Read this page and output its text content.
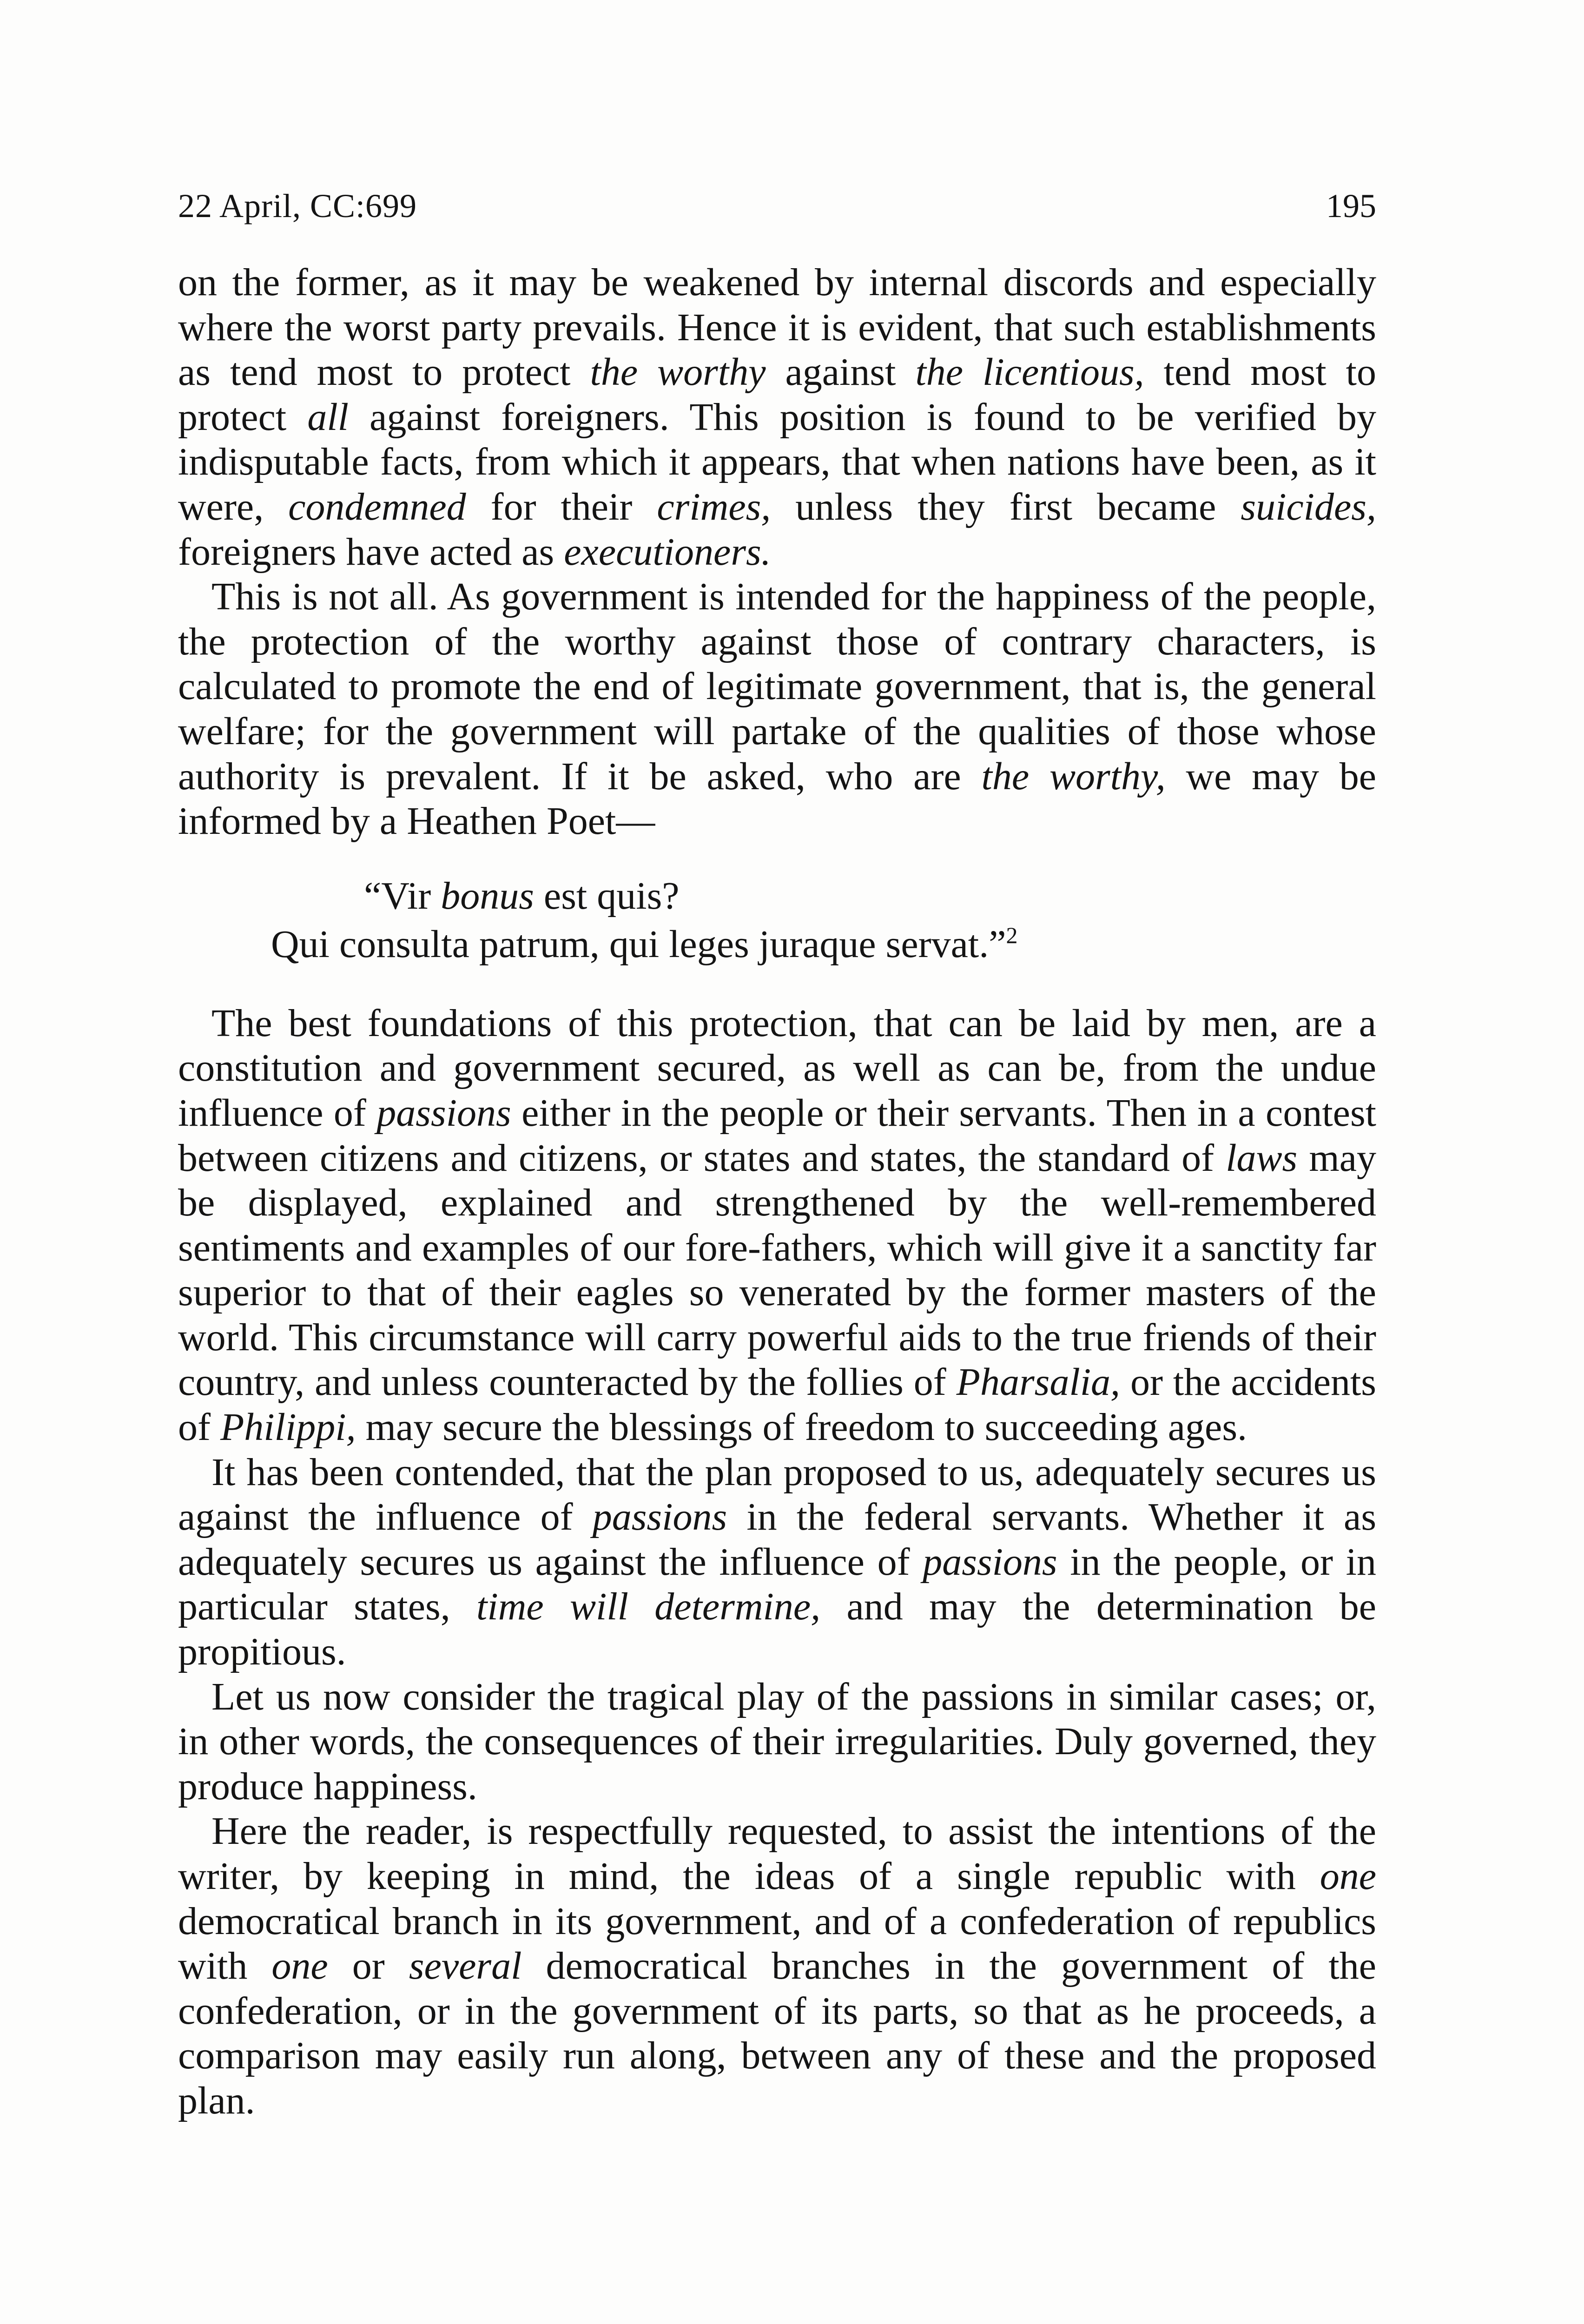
22 April, CC:699	195

on the former, as it may be weakened by internal discords and especially where the worst party prevails. Hence it is evident, that such establishments as tend most to protect the worthy against the licentious, tend most to protect all against foreigners. This position is found to be verified by indisputable facts, from which it appears, that when nations have been, as it were, condemned for their crimes, unless they first became suicides, foreigners have acted as executioners.

This is not all. As government is intended for the happiness of the people, the protection of the worthy against those of contrary characters, is calculated to promote the end of legitimate government, that is, the general welfare; for the government will partake of the qualities of those whose authority is prevalent. If it be asked, who are the worthy, we may be informed by a Heathen Poet—

“Vir bonus est quis?
Qui consulta patrum, qui leges juraque servat.”$^2$

The best foundations of this protection, that can be laid by men, are a constitution and government secured, as well as can be, from the undue influence of passions either in the people or their servants. Then in a contest between citizens and citizens, or states and states, the standard of laws may be displayed, explained and strengthened by the well-remembered sentiments and examples of our fore-fathers, which will give it a sanctity far superior to that of their eagles so venerated by the former masters of the world. This circumstance will carry powerful aids to the true friends of their country, and unless counteracted by the follies of Pharsalia, or the accidents of Philippi, may secure the blessings of freedom to succeeding ages.

It has been contended, that the plan proposed to us, adequately secures us against the influence of passions in the federal servants. Whether it as adequately secures us against the influence of passions in the people, or in particular states, time will determine, and may the determination be propitious.

Let us now consider the tragical play of the passions in similar cases; or, in other words, the consequences of their irregularities. Duly governed, they produce happiness.

Here the reader, is respectfully requested, to assist the intentions of the writer, by keeping in mind, the ideas of a single republic with one democratical branch in its government, and of a confederation of republics with one or several democratical branches in the government of the confederation, or in the government of its parts, so that as he proceeds, a comparison may easily run along, between any of these and the proposed plan.
